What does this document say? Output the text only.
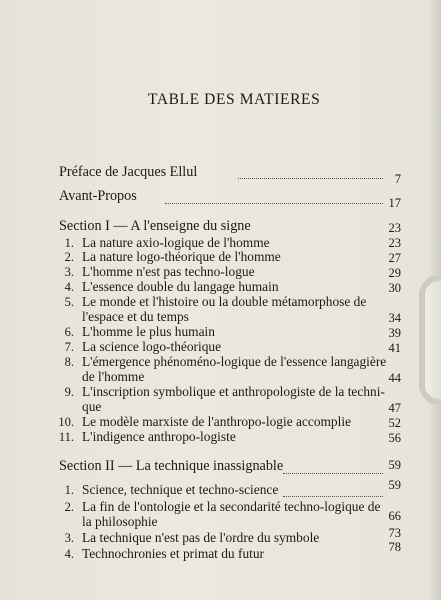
TABLE DES MATIERES
Préface de Jacques Ellul	7
Avant-Propos	17
Section I — A l'enseigne du signe	23
1. La nature axio-logique de l'homme	23
2. La nature logo-théorique de l'homme	27
3. L'homme n'est pas techno-logue	29
4. L'essence double du langage humain	30
5. Le monde et l'histoire ou la double métamorphose de
l'espace et du temps	34
6. L'homme le plus humain	39
7. La science logo-théorique	41
8. L'émergence phénoméno-logique de l'essence langagière
de l'homme	44
9. L'inscription symbolique et anthropologiste de la techni-
que	47
10. Le modèle marxiste de l'anthropo-logie accomplie	52
11. L'indigence anthropo-logiste	56
Section II — La technique inassignable	59
1. Science, technique et techno-science	59
2. La fin de l'ontologie et la secondarité techno-logique de
la philosophie	66
3. La technique n'est pas de l'ordre du symbole	73
4. Technochronies et primat du futur	78
